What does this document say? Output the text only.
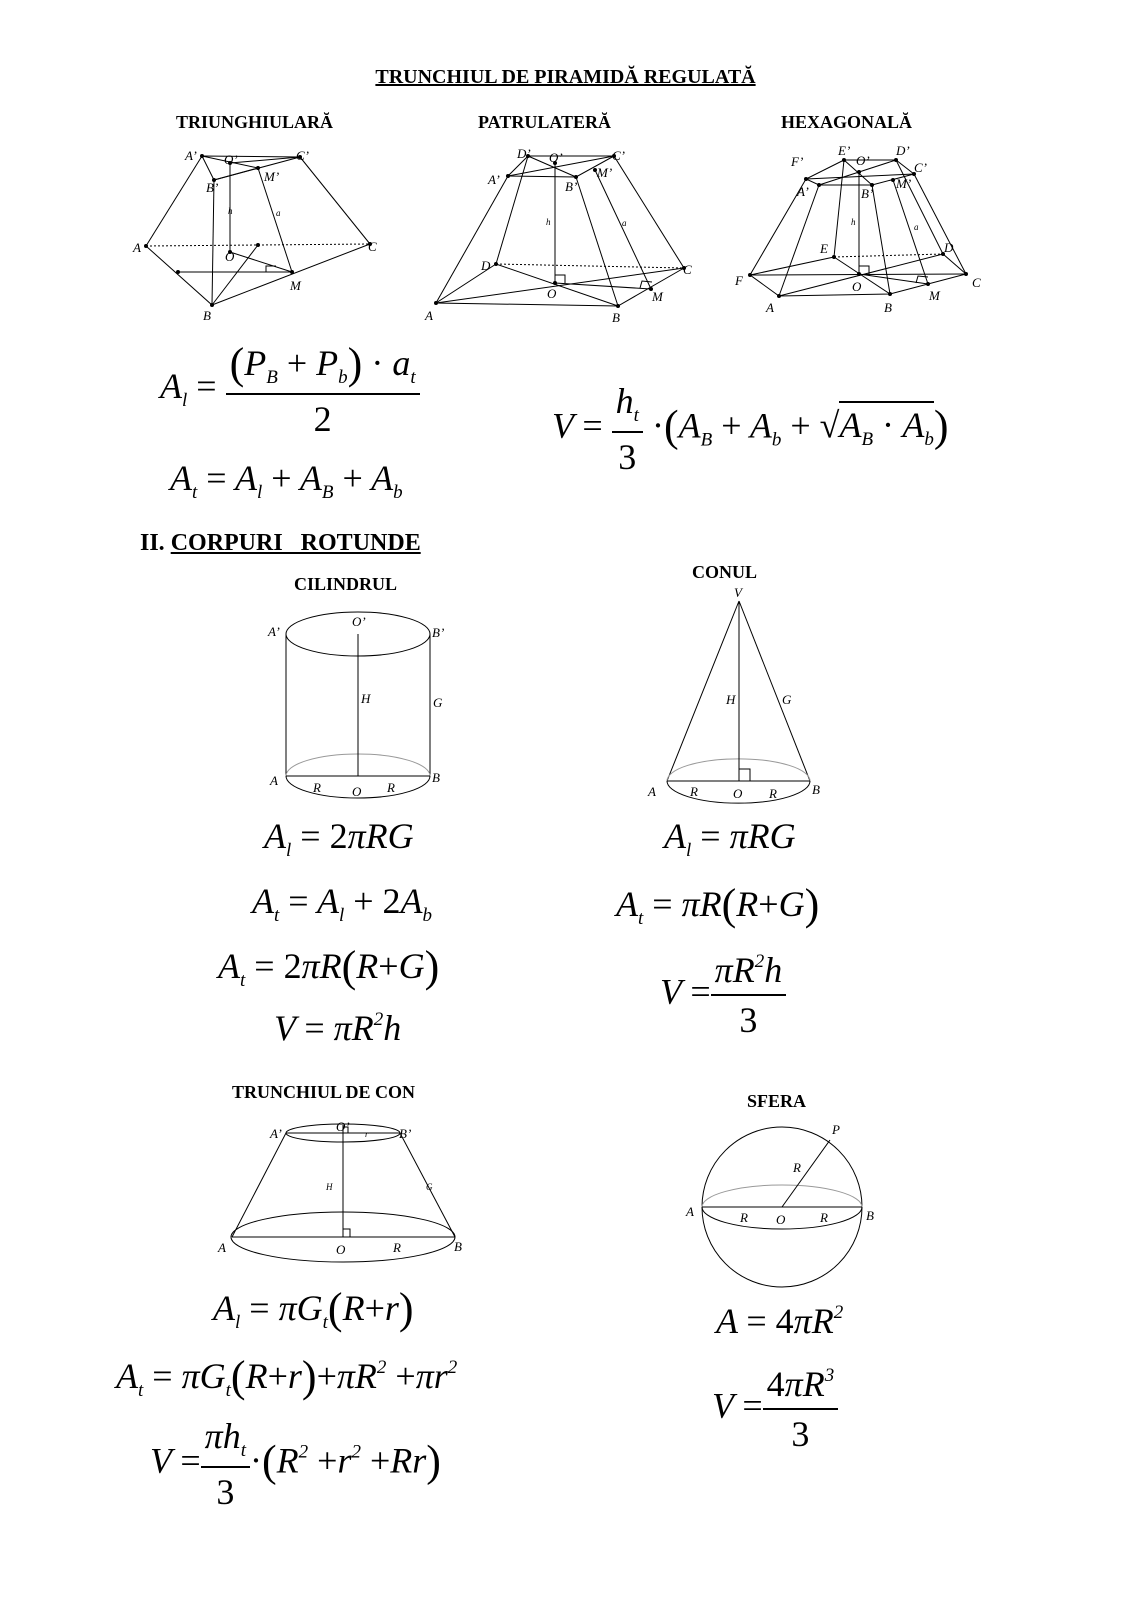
TRUNCHIUL DE PIRAMIDĂ REGULATĂ
TRIUNGHIULARĂ	PATRULATERĂ	HEXAGONALĂ
A
B
C
A’
B’
C’
O’
M’
O
M
h	a
A	B
C
D
A’	B’
C’
D’ O’
M’
O	M
h	a
A	B
C
D
E
F
A’	B’
C’
D’
E’
F’	O’
M’
O
M
h	a
$A_l = \frac{(P_B + P_b) \cdot a_t}{2}$
$A_t = A_l + A_B + A_b$
$V = \frac{h_t}{3} \cdot(A_B + A_b + √A_B \cdot A_b)$
II. CORPURI   ROTUNDE
CILINDRUL
CONUL
A’	B’
O’
H	G
A	B
R O R
V
H	G
A	R	O R	B
$A_l = 2\pi RG$
$A_t = A_l + 2A_b$
$A_t = 2\pi R(R+G)$
$V = \pi R^2h$
$A_l = \pi RG$
$A_t = \pi R(R+G)$
$V = \frac{\pi R^2h}{3}$
TRUNCHIUL DE CON	SFERA
A’	B’
O’ r
H	G
A	O	R	B
P
R
A	R O	R	B
$A_l = \pi G_t(R+r)$
$A_t = \pi G_t(R+r)+\pi R^2 +\pi r^2$
$V = \frac{\pi h_t}{3} \cdot(R^2 +r^2 +Rr)$
$A = 4\pi R^2$
$V = \frac{4\pi R^3}{3}$
